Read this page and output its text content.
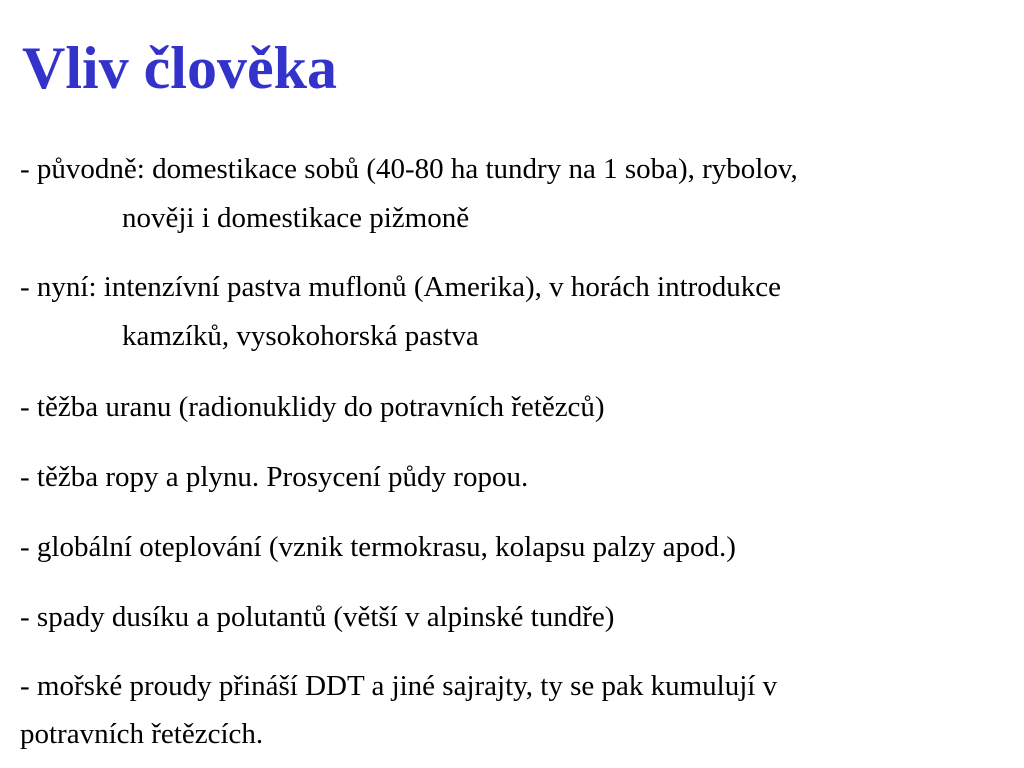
Vliv člověka

- původně: domestikace sobů (40-80 ha tundry na 1 soba), rybolov,

nověji i domestikace pižmoně

- nyní: intenzívní pastva muflonů (Amerika), v horách introdukce

kamzíků, vysokohorská pastva

- těžba uranu (radionuklidy do potravních řetězců)

- těžba ropy a plynu. Prosycení půdy ropou.

- globální oteplování (vznik termokrasu, kolapsu palzy apod.)

- spady dusíku a polutantů (větší v alpinské tundře)

- mořské proudy přináší DDT a jiné sajrajty, ty se pak kumulují v

potravních řetězcích.
